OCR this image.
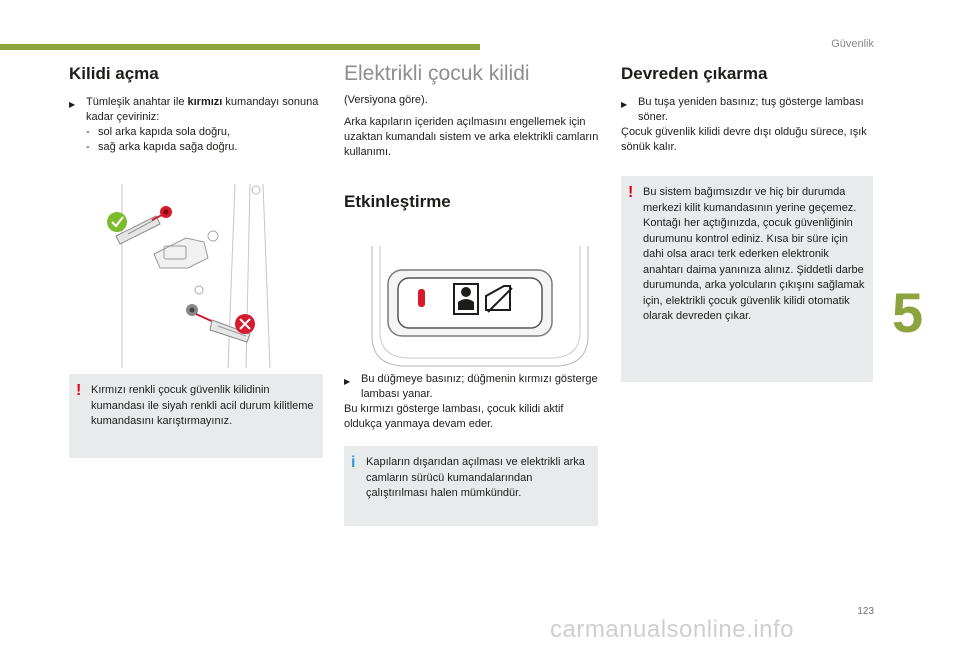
Güvenlik
5
Kilidi açma
▶ Tümleşik anahtar ile kırmızı kumandayı sonuna kadar çeviriniz:
- sol arka kapıda sola doğru,
- sağ arka kapıda sağa doğru.
! Kırmızı renkli çocuk güvenlik kilidinin kumandası ile siyah renkli acil durum kilitleme kumandasını karıştırmayınız.
Elektrikli çocuk kilidi

(Versiyona göre).

Arka kapıların içeriden açılmasını engellemek için uzaktan kumandalı sistem ve arka elektrikli camların kullanımı.

Etkinleştirme
▶ Bu düğmeye basınız; düğmenin kırmızı gösterge lambası yanar.

Bu kırmızı gösterge lambası, çocuk kilidi aktif oldukça yanmaya devam eder.

i Kapıların dışarıdan açılması ve elektrikli arka camların sürücü kumandalarından çalıştırılması halen mümkündür.
Devreden çıkarma
▶ Bu tuşa yeniden basınız; tuş gösterge lambası söner.

Çocuk güvenlik kilidi devre dışı olduğu sürece, ışık sönük kalır.

! Bu sistem bağımsızdır ve hiç bir durumda merkezi kilit kumandasının yerine geçemez. Kontağı her açtığınızda, çocuk güvenliğinin durumunu kontrol ediniz. Kısa bir süre için dahi olsa aracı terk ederken elektronik anahtarı daima yanınıza alınız. Şiddetli darbe durumunda, arka yolcuların çıkışını sağlamak için, elektrikli çocuk güvenlik kilidi otomatik olarak devreden çıkar.
123
carmanualsonline.info
